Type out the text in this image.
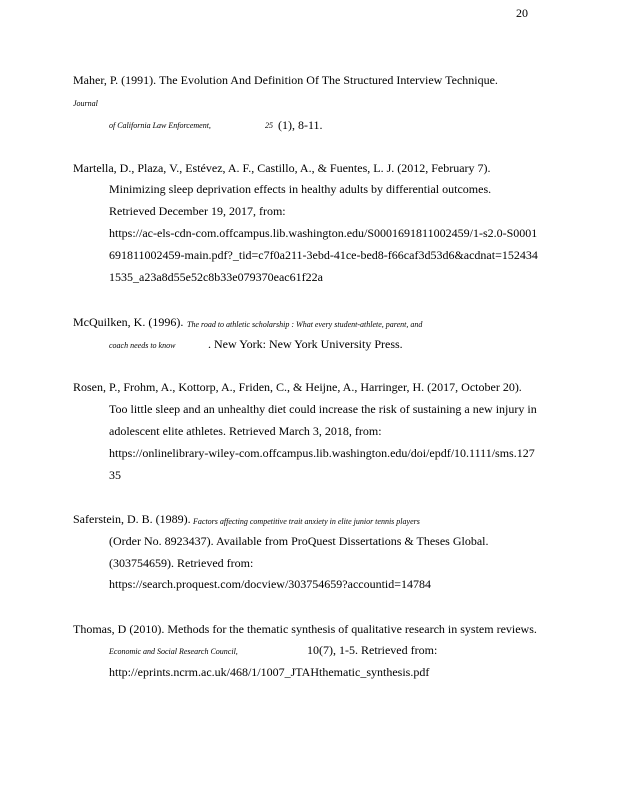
20
Maher, P. (1991). The Evolution And Definition Of The Structured Interview Technique.
Journal
of California Law Enforcement,	25 (1), 8-11.
Martella, D., Plaza, V., Estévez, A. F., Castillo, A., & Fuentes, L. J. (2012, February 7).
Minimizing sleep deprivation effects in healthy adults by differential outcomes.
Retrieved December 19, 2017, from:
https://ac-els-cdn-com.offcampus.lib.washington.edu/S0001691811002459/1-s2.0-S0001
691811002459-main.pdf?_tid=c7f0a211-3ebd-41ce-bed8-f66caf3d53d6&acdnat=152434
1535_a23a8d55e52c8b33e079370eac61f22a
McQuilken, K. (1996). The road to athletic scholarship : What every student-athlete, parent, and
coach needs to know	. New York: New York University Press.
Rosen, P., Frohm, A., Kottorp, A., Friden, C., & Heijne, A., Harringer, H. (2017, October 20).
Too little sleep and an unhealthy diet could increase the risk of sustaining a new injury in
adolescent elite athletes. Retrieved March 3, 2018, from:
https://onlinelibrary-wiley-com.offcampus.lib.washington.edu/doi/epdf/10.1111/sms.127
35
Saferstein, D. B. (1989). Factors affecting competitive trait anxiety in elite junior tennis players
(Order No. 8923437). Available from ProQuest Dissertations & Theses Global.
(303754659). Retrieved from:
https://search.proquest.com/docview/303754659?accountid=14784
Thomas, D (2010). Methods for the thematic synthesis of qualitative research in system reviews.
Economic and Social Research Council,	10(7), 1-5. Retrieved from:
http://eprints.ncrm.ac.uk/468/1/1007_JTAHthematic_synthesis.pdf
